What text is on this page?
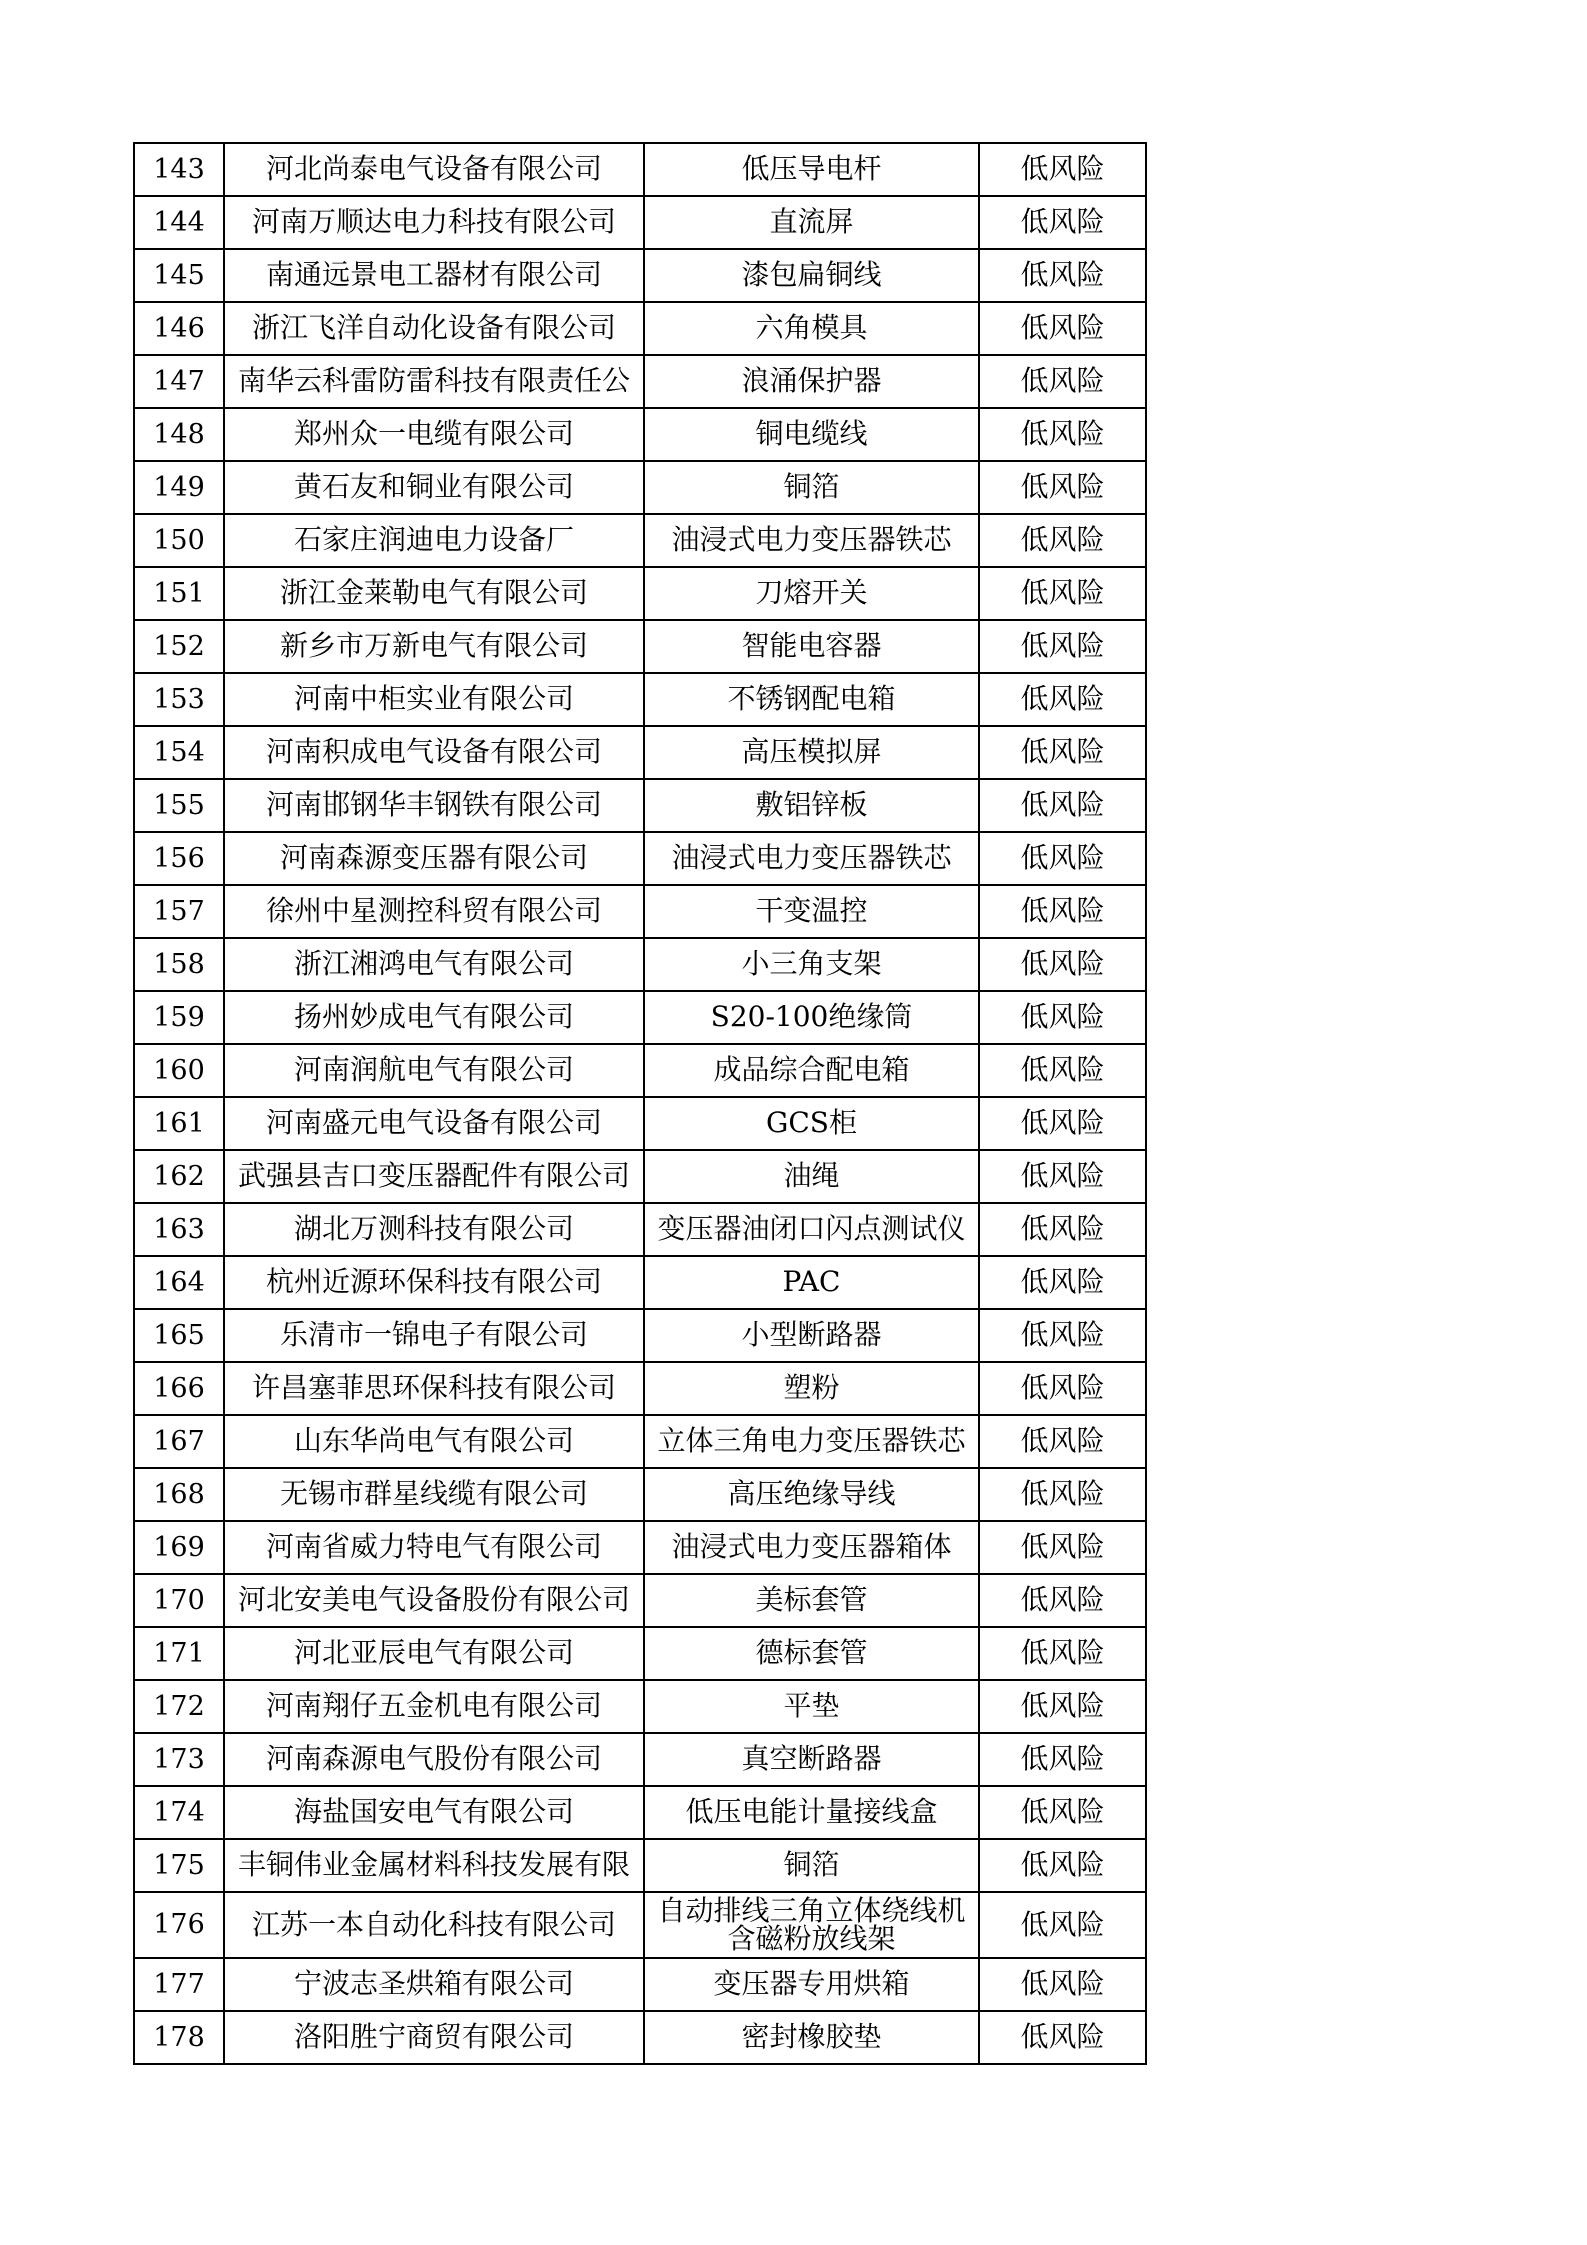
143	河北尚泰电气设备有限公司	低压导电杆	低风险
144	河南万顺达电力科技有限公司	直流屏	低风险
145	南通远景电工器材有限公司	漆包扁铜线	低风险
146	浙江飞洋自动化设备有限公司	六角模具	低风险
147	南华云科雷防雷科技有限责任公	浪涌保护器	低风险
148	郑州众一电缆有限公司	铜电缆线	低风险
149	黄石友和铜业有限公司	铜箔	低风险
150	石家庄润迪电力设备厂	油浸式电力变压器铁芯	低风险
151	浙江金莱勒电气有限公司	刀熔开关	低风险
152	新乡市万新电气有限公司	智能电容器	低风险
153	河南中柜实业有限公司	不锈钢配电箱	低风险
154	河南积成电气设备有限公司	高压模拟屏	低风险
155	河南邯钢华丰钢铁有限公司	敷铝锌板	低风险
156	河南森源变压器有限公司	油浸式电力变压器铁芯	低风险
157	徐州中星测控科贸有限公司	干变温控	低风险
158	浙江湘鸿电气有限公司	小三角支架	低风险
159	扬州妙成电气有限公司	S20-100绝缘筒	低风险
160	河南润航电气有限公司	成品综合配电箱	低风险
161	河南盛元电气设备有限公司	GCS柜	低风险
162	武强县吉口变压器配件有限公司	油绳	低风险
163	湖北万测科技有限公司	变压器油闭口闪点测试仪	低风险
164	杭州近源环保科技有限公司	PAC	低风险
165	乐清市一锦电子有限公司	小型断路器	低风险
166	许昌塞菲思环保科技有限公司	塑粉	低风险
167	山东华尚电气有限公司	立体三角电力变压器铁芯	低风险
168	无锡市群星线缆有限公司	高压绝缘导线	低风险
169	河南省威力特电气有限公司	油浸式电力变压器箱体	低风险
170	河北安美电气设备股份有限公司	美标套管	低风险
171	河北亚辰电气有限公司	德标套管	低风险
172	河南翔仔五金机电有限公司	平垫	低风险
173	河南森源电气股份有限公司	真空断路器	低风险
174	海盐国安电气有限公司	低压电能计量接线盒	低风险
175	丰铜伟业金属材料科技发展有限	铜箔	低风险
176	江苏一本自动化科技有限公司	自动排线三角立体绕线机含磁粉放线架	低风险
177	宁波志圣烘箱有限公司	变压器专用烘箱	低风险
178	洛阳胜宁商贸有限公司	密封橡胶垫	低风险
